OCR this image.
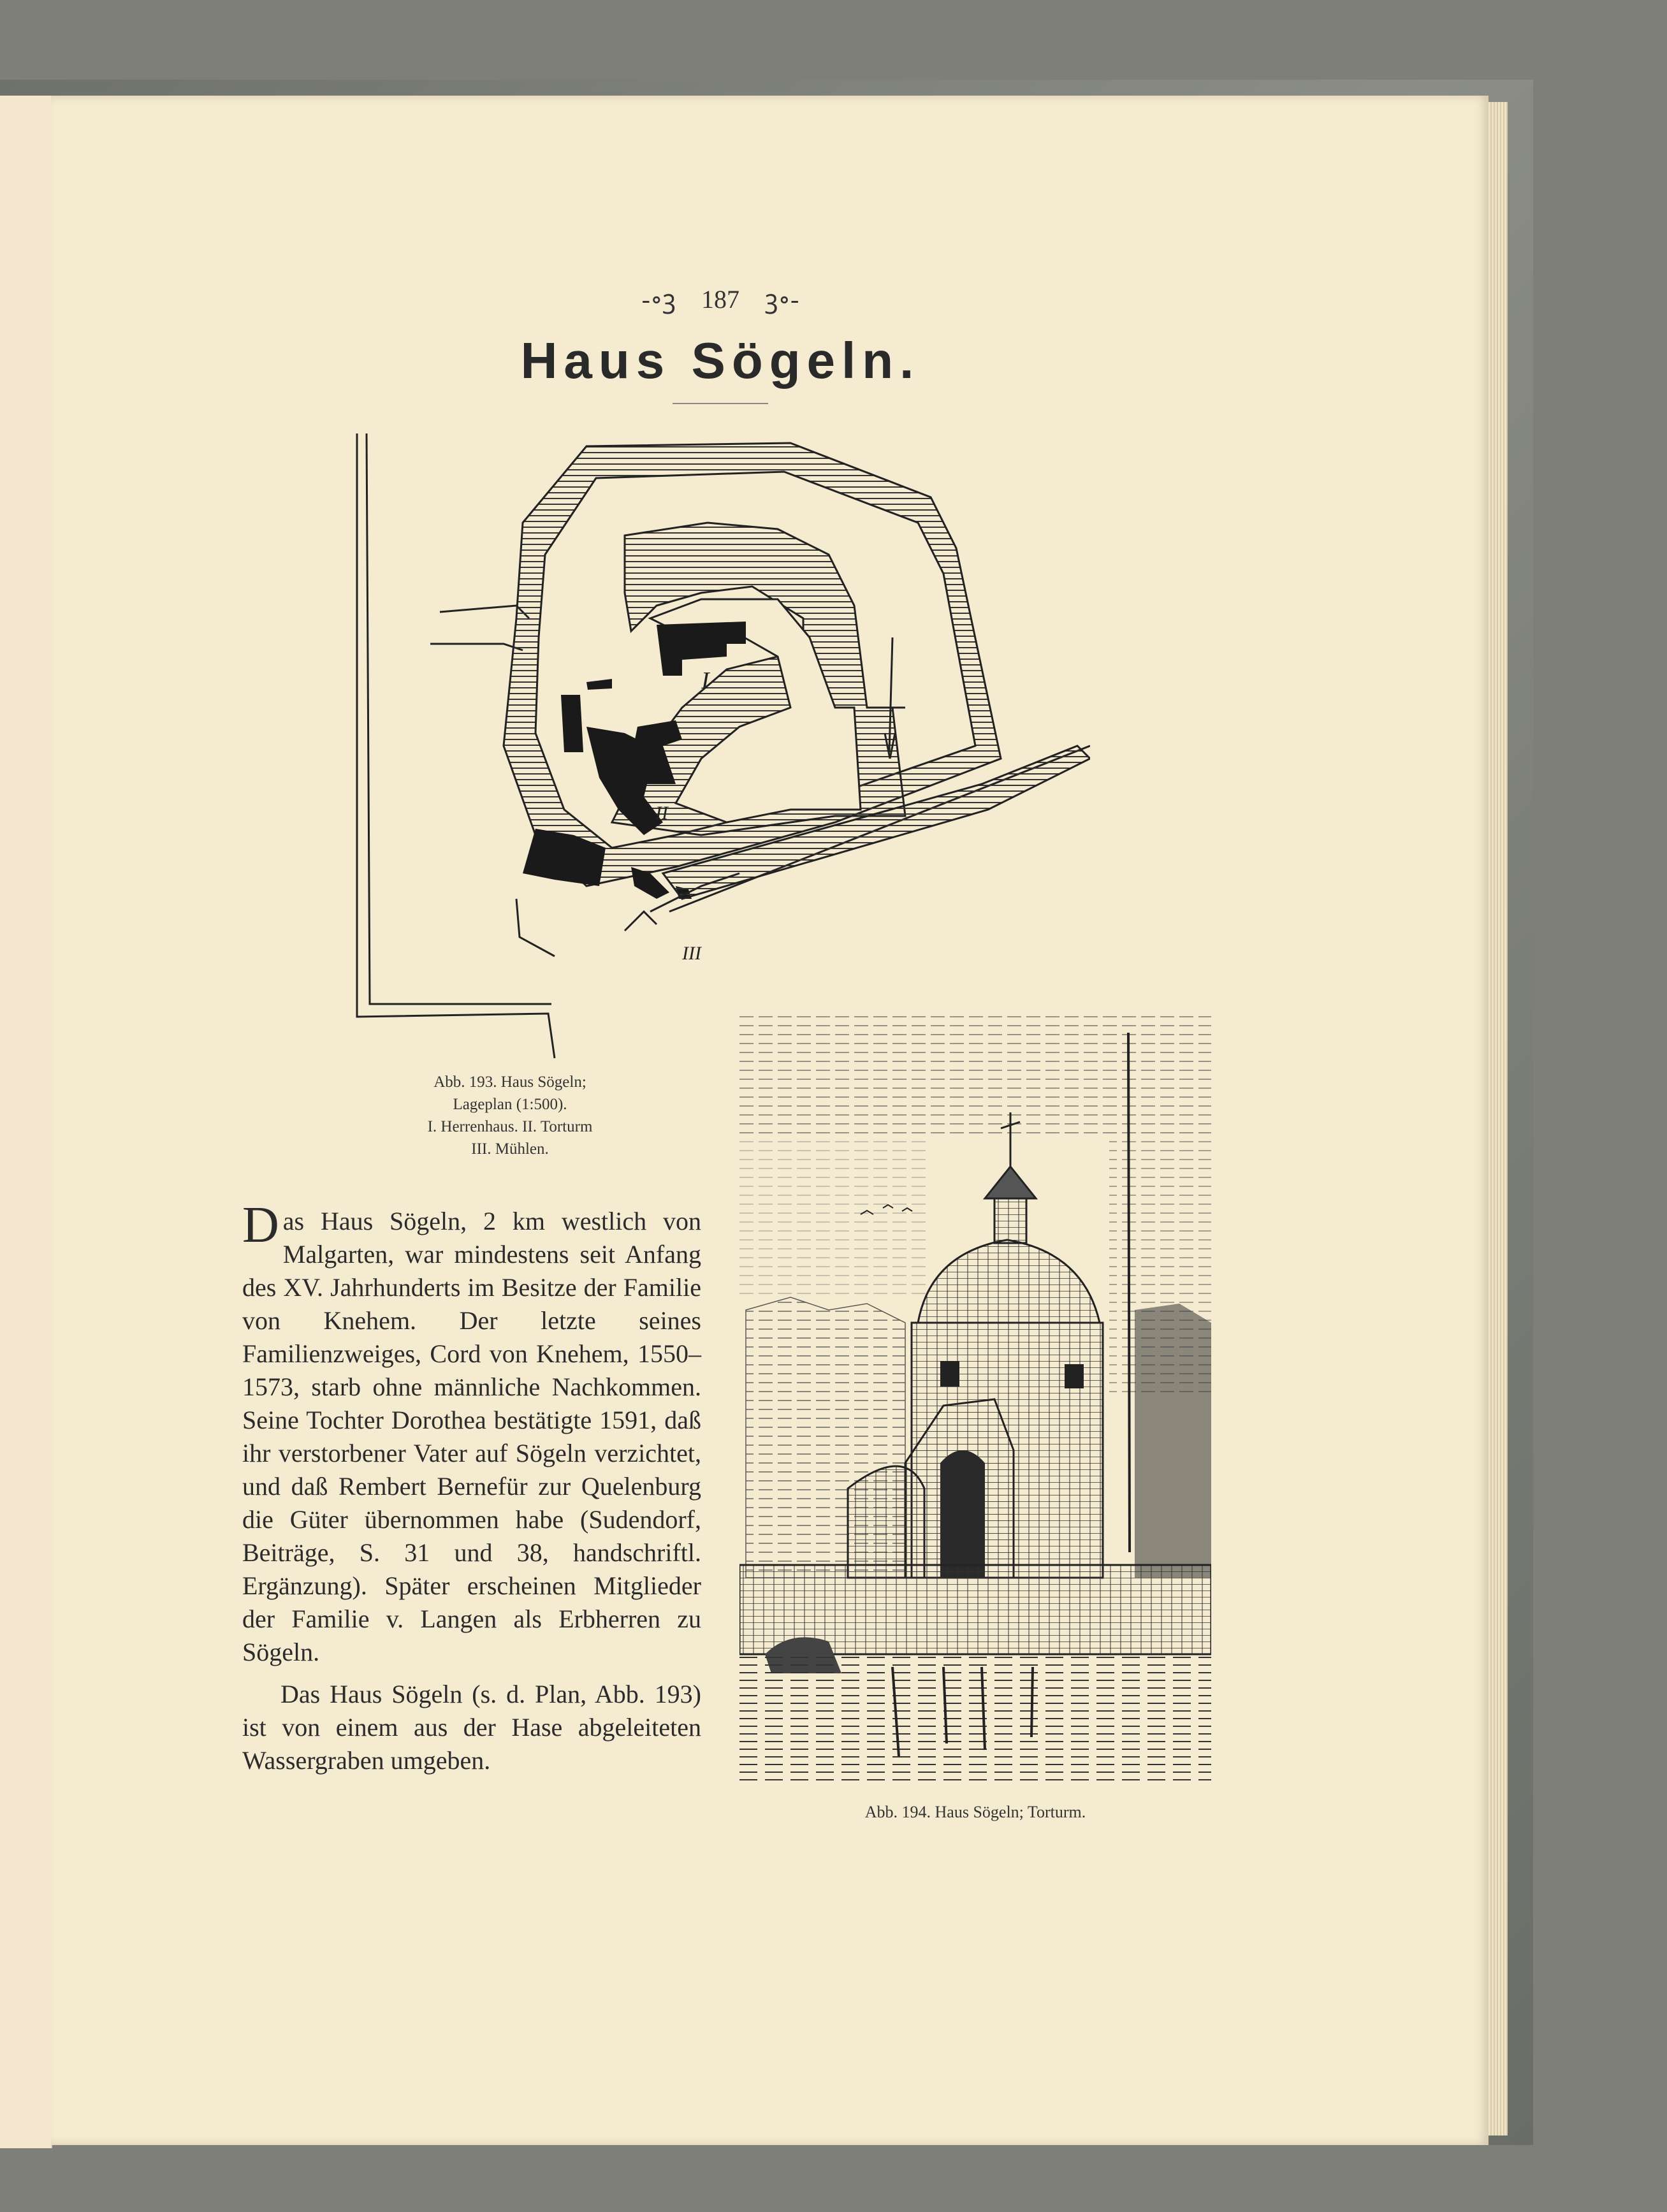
-∘ꝫ 187 ꝫ∘-
Haus Sögeln.
I
II
III
Abb. 193. Haus Sögeln;
Lageplan (1:500).
I. Herrenhaus. II. Torturm
III. Mühlen.

Das Haus Sögeln, 2 km westlich von Malgarten, war mindestens seit Anfang des XV. Jahrhunderts im Besitze der Familie von Knehem. Der letzte seines Familienzweiges, Cord von Knehem, 1550–1573, starb ohne männliche Nachkommen. Seine Tochter Dorothea bestätigte 1591, daß ihr verstorbener Vater auf Sögeln verzichtet, und daß Rembert Bernefür zur Quelenburg die Güter übernommen habe (Sudendorf, Beiträge, S. 31 und 38, handschriftl. Ergänzung). Später erscheinen Mitglieder der Familie v. Langen als Erbherren zu Sögeln.

Das Haus Sögeln (s. d. Plan, Abb. 193) ist von einem aus der Hase abgeleiteten Wassergraben umgeben.

Abb. 194. Haus Sögeln; Torturm.
